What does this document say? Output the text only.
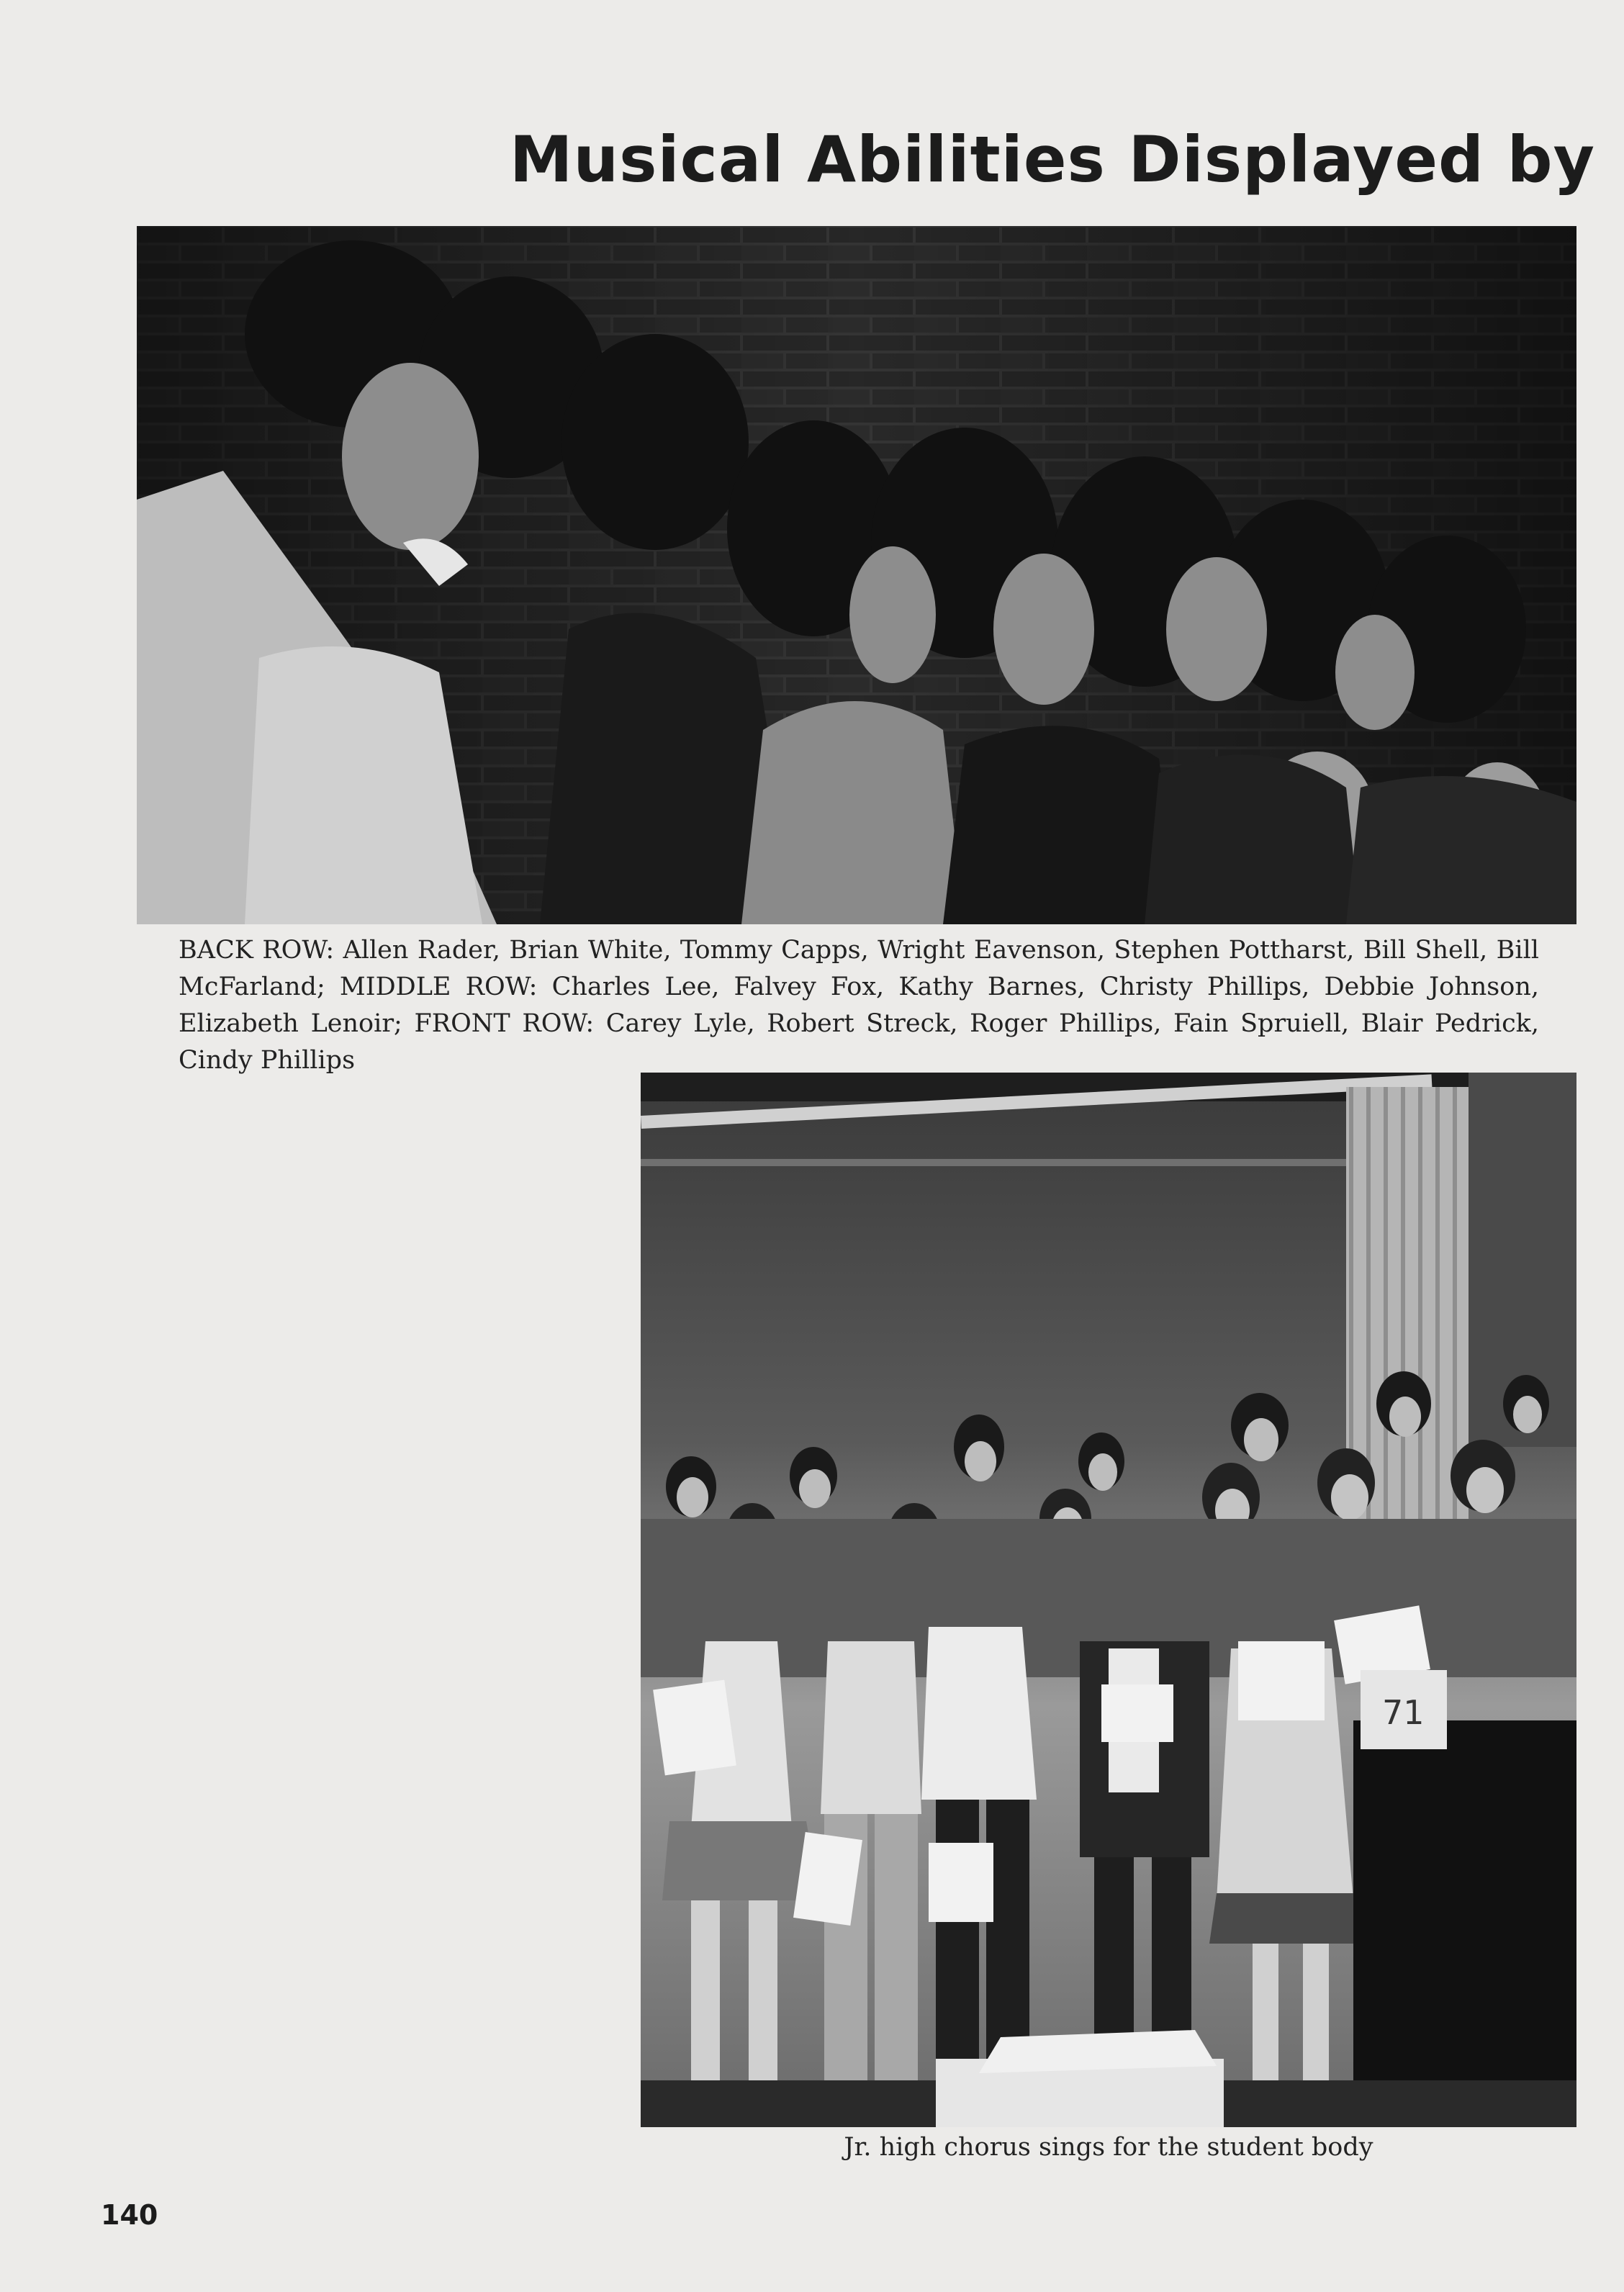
Musical Abilities Displayed by
BACK ROW: Allen Rader, Brian White, Tommy Capps, Wright Eavenson, Stephen Pottharst, Bill Shell, Bill McFarland; MIDDLE ROW: Charles Lee, Falvey Fox, Kathy Barnes, Christy Phillips, Debbie Johnson, Elizabeth Lenoir; FRONT ROW: Carey Lyle, Robert Streck, Roger Phillips, Fain Spruiell, Blair Pedrick, Cindy Phillips
71
Jr. high chorus sings for the student body
140
